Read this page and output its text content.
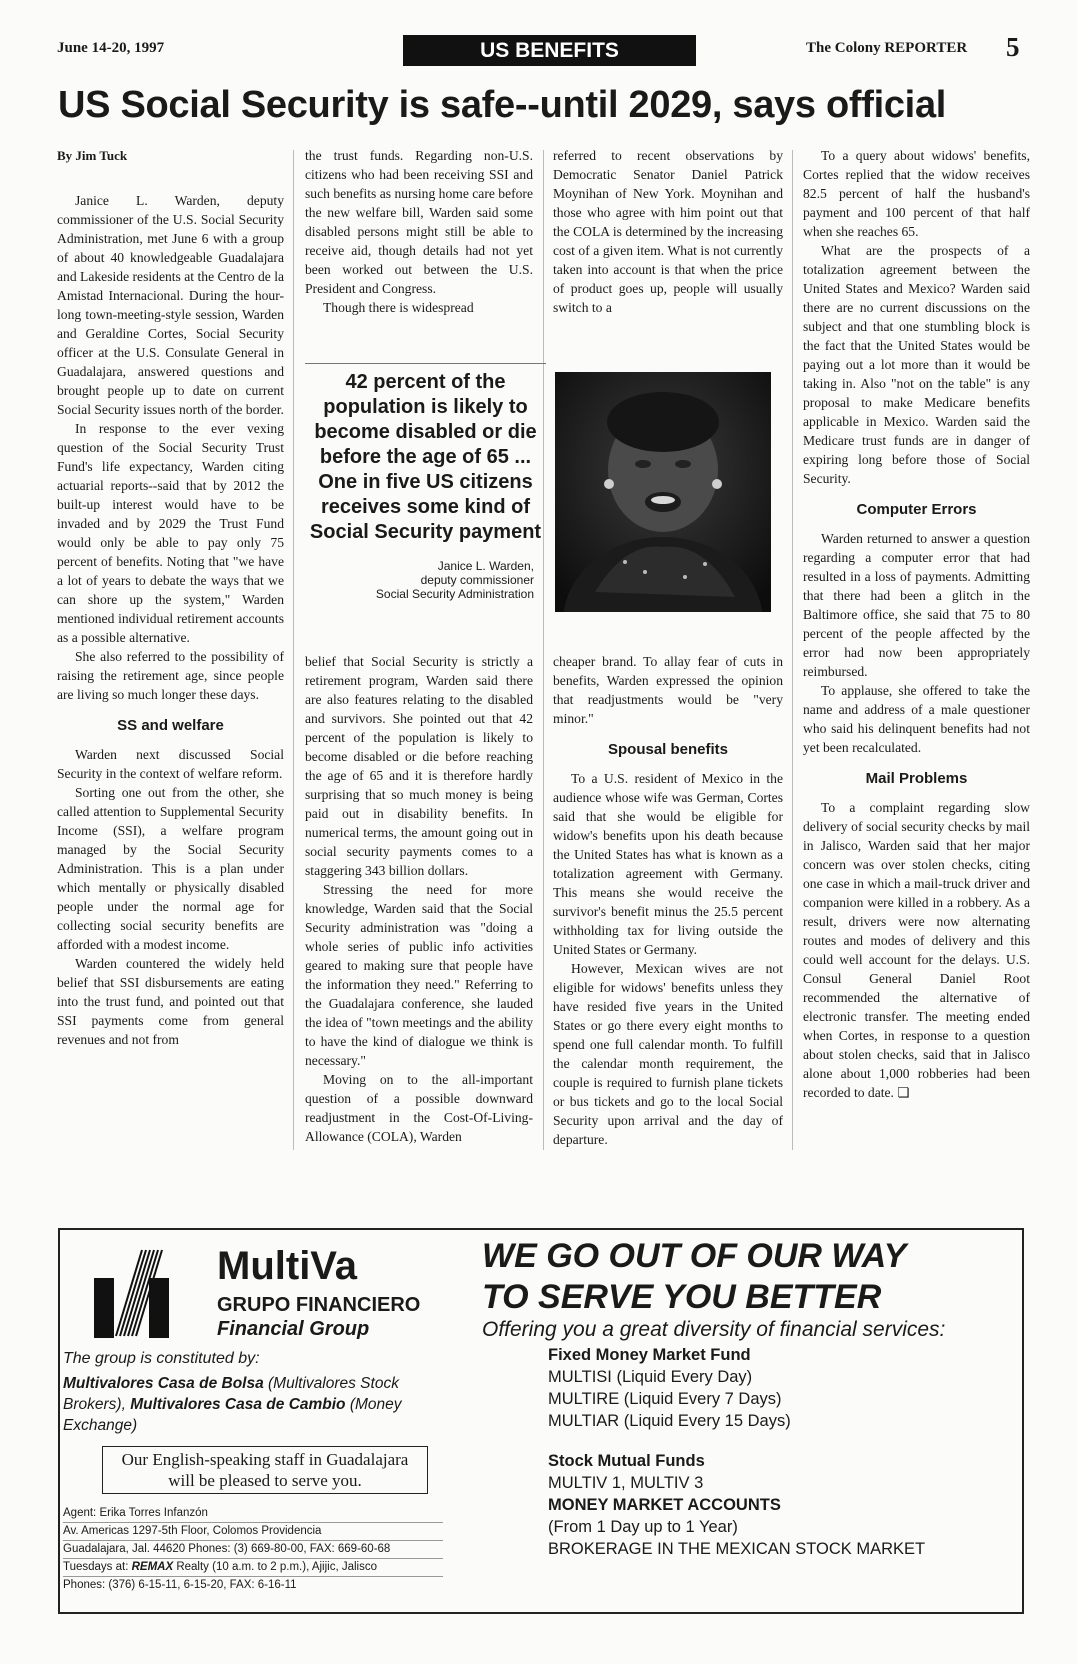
June 14-20, 1997	US BENEFITS	The Colony REPORTER 5
US Social Security is safe--until 2029, says official

By Jim Tuck

Janice L. Warden, deputy commissioner of the U.S. Social Security Administration, met June 6 with a group of about 40 knowledgeable Guadalajara and Lakeside residents at the Centro de la Amistad Internacional. During the hour-long town-meeting-style session, Warden and Geraldine Cortes, Social Security officer at the U.S. Consulate General in Guadalajara, answered questions and brought people up to date on current Social Security issues north of the border.

In response to the ever vexing question of the Social Security Trust Fund's life expectancy, Warden citing actuarial reports--said that by 2012 the built-up interest would have to be invaded and by 2029 the Trust Fund would only be able to pay only 75 percent of benefits. Noting that "we have a lot of years to debate the ways that we can shore up the system," Warden mentioned individual retirement accounts as a possible alternative.

She also referred to the possibility of raising the retirement age, since people are living so much longer these days.

SS and welfare

Warden next discussed Social Security in the context of welfare reform.

Sorting one out from the other, she called attention to Supplemental Security Income (SSI), a welfare program managed by the Social Security Administration. This is a plan under which mentally or physically disabled people under the normal age for collecting social security benefits are afforded with a modest income.

Warden countered the widely held belief that SSI disbursements are eating into the trust fund, and pointed out that SSI payments come from general revenues and not from

the trust funds. Regarding non-U.S. citizens who had been receiving SSI and such benefits as nursing home care before the new welfare bill, Warden said some disabled persons might still be able to receive aid, though details had not yet been worked out between the U.S. President and Congress.

Though there is widespread

42 percent of the population is likely to become disabled or die before the age of 65 ... One in five US citizens receives some kind of Social Security payment
Janice L. Warden,
deputy commissioner
Social Security Administration

referred to recent observations by Democratic Senator Daniel Patrick Moynihan of New York. Moynihan and those who agree with him point out that the COLA is determined by the increasing cost of a given item. What is not currently taken into account is that when the price of product goes up, people will usually switch to a

belief that Social Security is strictly a retirement program, Warden said there are also features relating to the disabled and survivors. She pointed out that 42 percent of the population is likely to become disabled or die before reaching the age of 65 and it is therefore hardly surprising that so much money is being paid out in disability benefits. In numerical terms, the amount going out in social security payments comes to a staggering 343 billion dollars.

Stressing the need for more knowledge, Warden said that the Social Security administration was "doing a whole series of public info activities geared to making sure that people have the information they need." Referring to the Guadalajara conference, she lauded the idea of "town meetings and the ability to have the kind of dialogue we think is necessary."

Moving on to the all-important question of a possible downward readjustment in the Cost-Of-Living-Allowance (COLA), Warden

cheaper brand. To allay fear of cuts in benefits, Warden expressed the opinion that readjustments would be "very minor."

Spousal benefits

To a U.S. resident of Mexico in the audience whose wife was German, Cortes said that she would be eligible for widow's benefits upon his death because the United States has what is known as a totalization agreement with Germany. This means she would receive the survivor's benefit minus the 25.5 percent withholding tax for living outside the United States or Germany.

However, Mexican wives are not eligible for widows' benefits unless they have resided five years in the United States or go there every eight months to spend one full calendar month. To fulfill the calendar month requirement, the couple is required to furnish plane tickets or bus tickets and go to the local Social Security upon arrival and the day of departure.

To a query about widows' benefits, Cortes replied that the widow receives 82.5 percent of half the husband's payment and 100 percent of that half when she reaches 65.

What are the prospects of a totalization agreement between the United States and Mexico? Warden said there are no current discussions on the subject and that one stumbling block is the fact that the United States would be paying out a lot more than it would be taking in. Also "not on the table" is any proposal to make Medicare benefits applicable in Mexico. Warden said the Medicare trust funds are in danger of expiring long before those of Social Security.

Computer Errors

Warden returned to answer a question regarding a computer error that had resulted in a loss of payments. Admitting that there had been a glitch in the Baltimore office, she said that 75 to 80 percent of the people affected by the error had now been appropriately reimbursed.

To applause, she offered to take the name and address of a male questioner who said his delinquent benefits had not yet been recalculated.

Mail Problems

To a complaint regarding slow delivery of social security checks by mail in Jalisco, Warden said that her major concern was over stolen checks, citing one case in which a mail-truck driver and companion were killed in a robbery. As a result, drivers were now alternating routes and modes of delivery and this could well account for the delays. U.S. Consul General Daniel Root recommended the alternative of electronic transfer. The meeting ended when Cortes, in response to a question about stolen checks, said that in Jalisco alone about 1,000 robberies had been recorded to date. ❏

MultiVa
GRUPO FINANCIERO
Financial Group
The group is constituted by:
Multivalores Casa de Bolsa (Multivalores Stock Brokers), Multivalores Casa de Cambio (Money Exchange)
Our English-speaking staff in Guadalajara
will be pleased to serve you.
Agent: Erika Torres Infanzón
Av. Americas 1297-5th Floor, Colomos Providencia
Guadalajara, Jal. 44620 Phones: (3) 669-80-00, FAX: 669-60-68
Tuesdays at: REMAX Realty (10 a.m. to 2 p.m.), Ajijic, Jalisco
Phones: (376) 6-15-11, 6-15-20, FAX: 6-16-11
WE GO OUT OF OUR WAY
TO SERVE YOU BETTER
Offering you a great diversity of financial services:
Fixed Money Market Fund
MULTISI (Liquid Every Day)
MULTIRE (Liquid Every 7 Days)
MULTIAR (Liquid Every 15 Days)
Stock Mutual Funds
MULTIV 1, MULTIV 3
MONEY MARKET ACCOUNTS
(From 1 Day up to 1 Year)
BROKERAGE IN THE MEXICAN STOCK MARKET
